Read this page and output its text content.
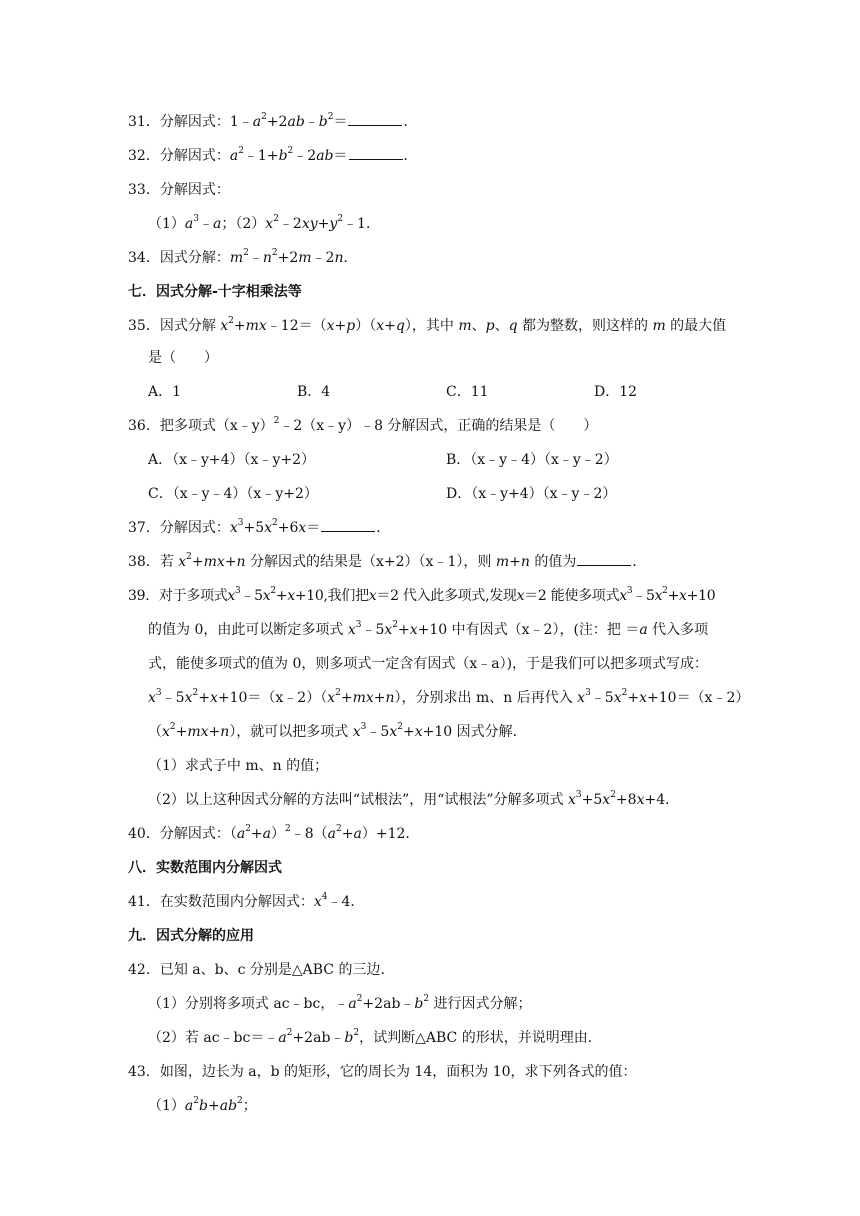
31．分解因式：$1﹣a^2+2ab﹣b^2=$	．
32．分解因式：$a^2﹣1+b^2﹣2ab=$	．
33．分解因式：
$(1)a^3﹣a$；$(2)x^2﹣2xy+y^2﹣1$．
34．因式分解：$m^2﹣n^2+2m﹣2n$．
七．因式分解-十字相乘法等
35．因式分解 $x^2+mx﹣12=(x+p)(x+q)$，其中 m、p、q 都为整数，则这样的 m 的最大值
是（　　）
A．1	B．4	C．11	D．12
36．把多项式（x﹣y）$^2$﹣2（x﹣y）﹣8 分解因式，正确的结果是（　　）
A．（x﹣y+4）（x﹣y+2）	B．（x﹣y﹣4）（x﹣y﹣2）
C．（x﹣y﹣4）（x﹣y+2）	D．（x﹣y+4）（x﹣y﹣2）
37．分解因式：$x^3+5x^2+6x=$	．
38．若 $x^2+mx+n$ 分解因式的结果是（x+2）（x﹣1），则 m+n 的值为	．
39．对于多项式$x^3﹣5x^2+x+10$,我们把x＝2 代入此多项式,发现x＝2 能使多项式$x^3﹣5x^2+x+10$
的值为 0，由此可以断定多项式 $x^3﹣5x^2+x+10$ 中有因式（x﹣2），(注：把 ＝a 代入多项
式，能使多项式的值为 0，则多项式一定含有因式（x﹣a）)，于是我们可以把多项式写成：
$x^3﹣5x^2+x+10=(x﹣2)(x^2+mx+n)$，分别求出 m、n 后再代入 $x^3﹣5x^2+x+10=(x﹣2)$
$(x^2+mx+n)$，就可以把多项式 $x^3﹣5x^2+x+10$ 因式分解．
（1）求式子中 m、n 的值；
（2）以上这种因式分解的方法叫“试根法”，用“试根法”分解多项式 $x^3+5x^2+8x+4$．
40．分解因式：$(a^2+a)^2﹣8(a^2+a)+12$．
八．实数范围内分解因式
41．在实数范围内分解因式：$x^4﹣4$．
九．因式分解的应用
42．已知 a、b、c 分别是△ABC 的三边．
（1）分别将多项式 ac﹣bc，$﹣a^2+2ab﹣b^2$ 进行因式分解；
（2）若 $ac﹣bc=﹣a^2+2ab﹣b^2$，试判断△ABC 的形状，并说明理由．
43．如图，边长为 a，b 的矩形，它的周长为 14，面积为 10，求下列各式的值：
$(1)a^2b+ab^2$；
